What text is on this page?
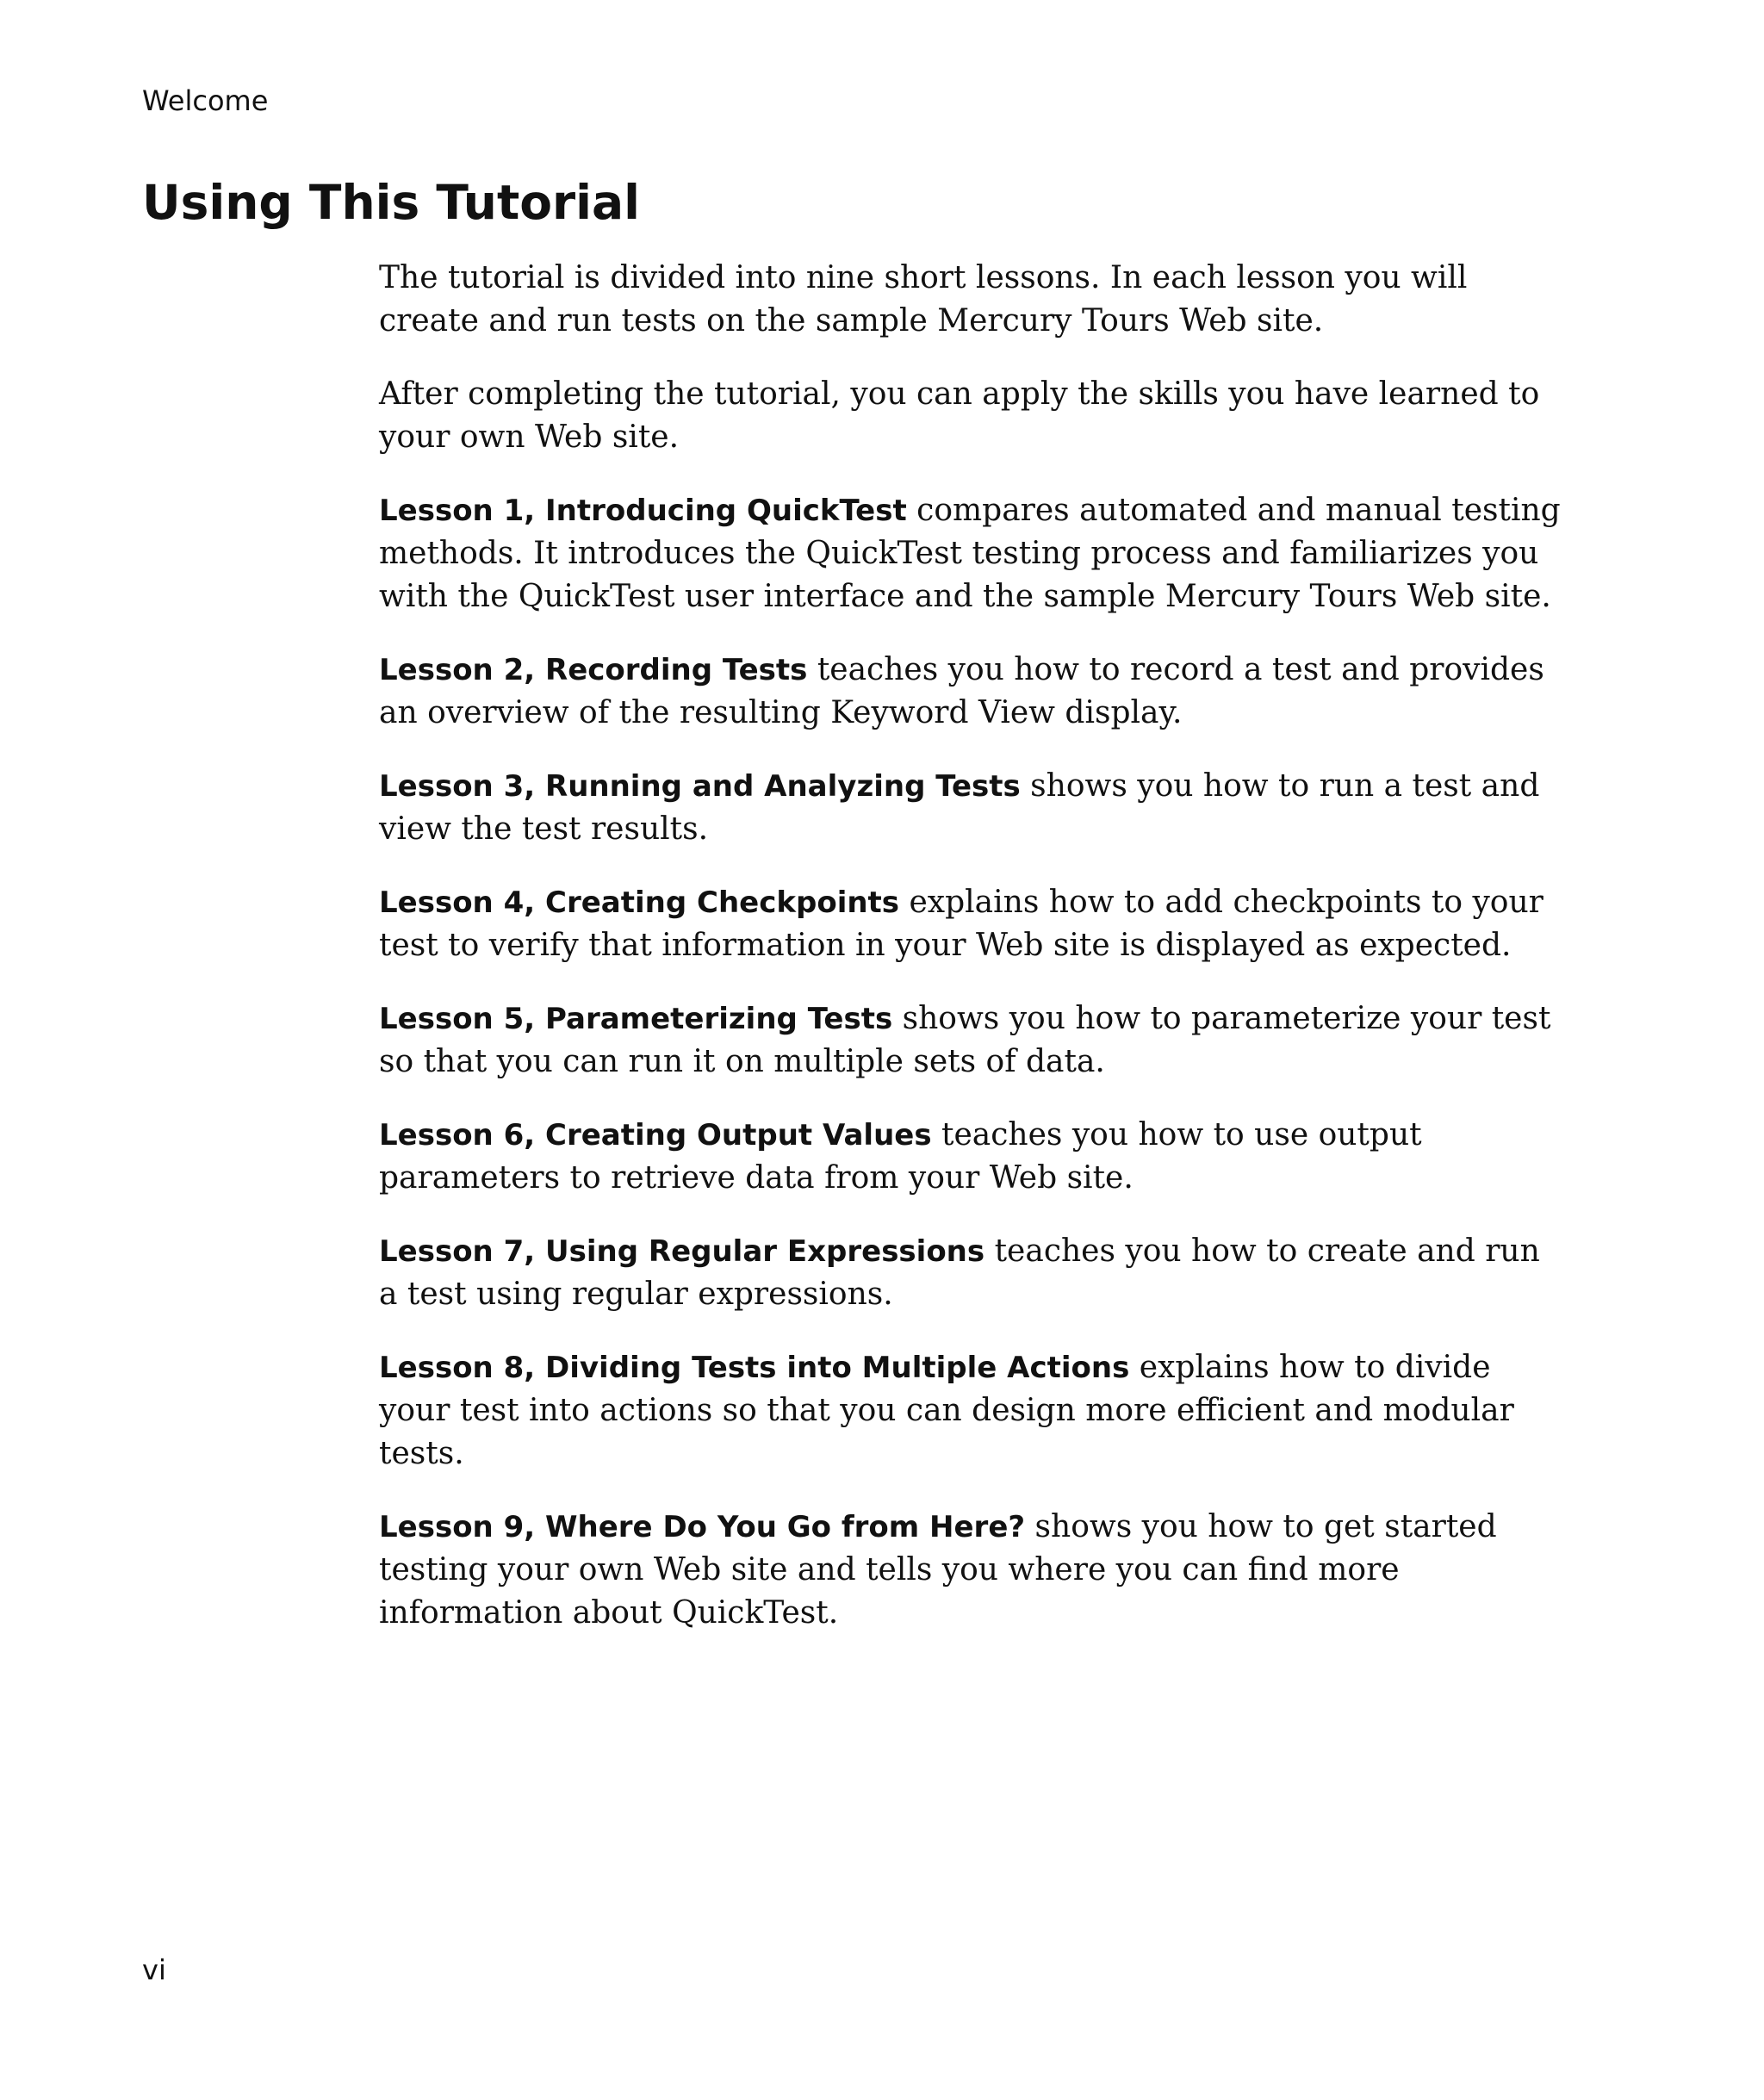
Welcome
Using This Tutorial

The tutorial is divided into nine short lessons. In each lesson you will create and run tests on the sample Mercury Tours Web site.

After completing the tutorial, you can apply the skills you have learned to your own Web site.

Lesson 1, Introducing QuickTest compares automated and manual testing methods. It introduces the QuickTest testing process and familiarizes you with the QuickTest user interface and the sample Mercury Tours Web site.

Lesson 2, Recording Tests teaches you how to record a test and provides an overview of the resulting Keyword View display.

Lesson 3, Running and Analyzing Tests shows you how to run a test and view the test results.

Lesson 4, Creating Checkpoints explains how to add checkpoints to your test to verify that information in your Web site is displayed as expected.

Lesson 5, Parameterizing Tests shows you how to parameterize your test so that you can run it on multiple sets of data.

Lesson 6, Creating Output Values teaches you how to use output parameters to retrieve data from your Web site.

Lesson 7, Using Regular Expressions teaches you how to create and run a test using regular expressions.

Lesson 8, Dividing Tests into Multiple Actions explains how to divide your test into actions so that you can design more efficient and modular tests.

Lesson 9, Where Do You Go from Here? shows you how to get started testing your own Web site and tells you where you can find more information about QuickTest.

vi
